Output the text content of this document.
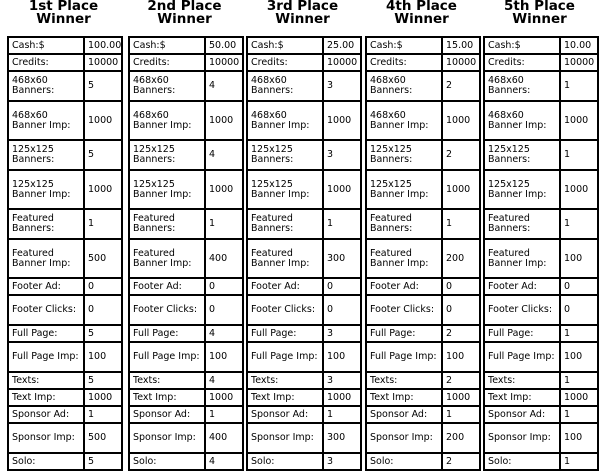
1st Place
Winner
Cash:$	100.00
Credits:	10000
468x60 Banners:	5
468x60 Banner Imp:	1000
125x125 Banners:	5
125x125 Banner Imp:	1000
Featured Banners:	1
Featured Banner Imp:	500
Footer Ad:	0
Footer Clicks:	0
Full Page:	5
Full Page Imp:	100
Texts:	5
Text Imp:	1000
Sponsor Ad:	1
Sponsor Imp:	500
Solo:	5
2nd Place
Winner
Cash:$	50.00
Credits:	10000
468x60 Banners:	4
468x60 Banner Imp:	1000
125x125 Banners:	4
125x125 Banner Imp:	1000
Featured Banners:	1
Featured Banner Imp:	400
Footer Ad:	0
Footer Clicks:	0
Full Page:	4
Full Page Imp:	100
Texts:	4
Text Imp:	1000
Sponsor Ad:	1
Sponsor Imp:	400
Solo:	4
3rd Place
Winner
Cash:$	25.00
Credits:	10000
468x60 Banners:	3
468x60 Banner Imp:	1000
125x125 Banners:	3
125x125 Banner Imp:	1000
Featured Banners:	1
Featured Banner Imp:	300
Footer Ad:	0
Footer Clicks:	0
Full Page:	3
Full Page Imp:	100
Texts:	3
Text Imp:	1000
Sponsor Ad:	1
Sponsor Imp:	300
Solo:	3
4th Place
Winner
Cash:$	15.00
Credits:	10000
468x60 Banners:	2
468x60 Banner Imp:	1000
125x125 Banners:	2
125x125 Banner Imp:	1000
Featured Banners:	1
Featured Banner Imp:	200
Footer Ad:	0
Footer Clicks:	0
Full Page:	2
Full Page Imp:	100
Texts:	2
Text Imp:	1000
Sponsor Ad:	1
Sponsor Imp:	200
Solo:	2
5th Place
Winner
Cash:$	10.00
Credits:	10000
468x60 Banners:	1
468x60 Banner Imp:	1000
125x125 Banners:	1
125x125 Banner Imp:	1000
Featured Banners:	1
Featured Banner Imp:	100
Footer Ad:	0
Footer Clicks:	0
Full Page:	1
Full Page Imp:	100
Texts:	1
Text Imp:	1000
Sponsor Ad:	1
Sponsor Imp:	100
Solo:	1
